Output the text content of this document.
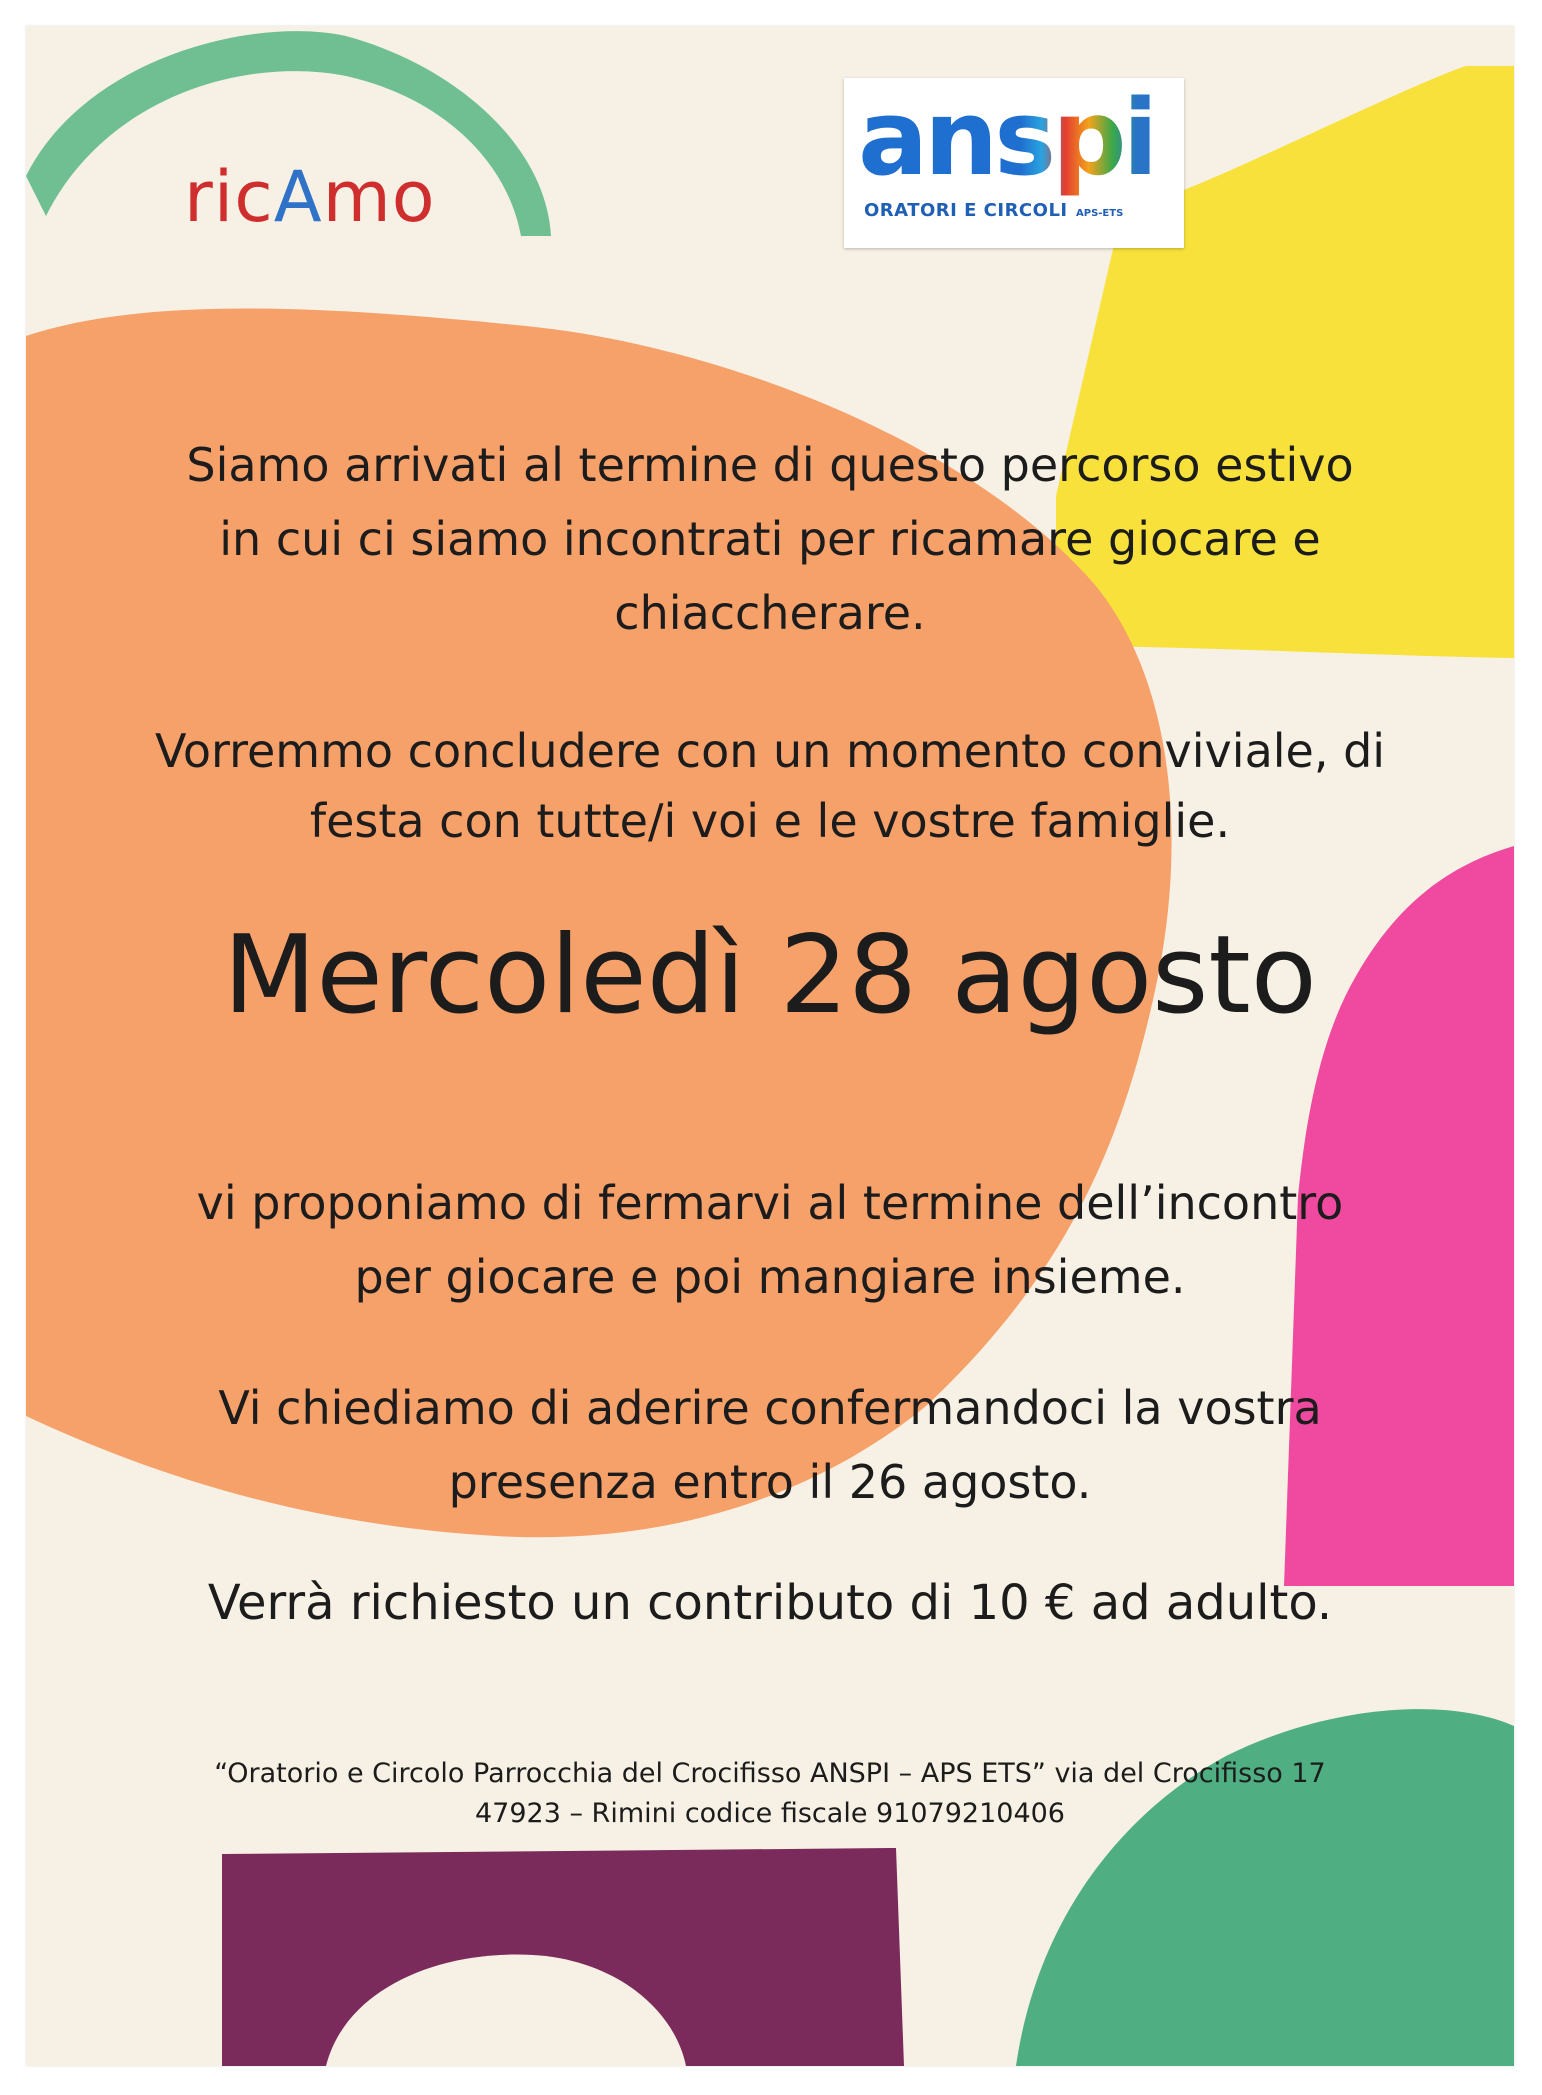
ricAmo	anspi
ORATORI E CIRCOLI APS-ETS
Siamo arrivati al termine di questo percorso estivo
in cui ci siamo incontrati per ricamare giocare e
chiaccherare.
Vorremmo concludere con un momento conviviale, di
festa con tutte/i voi e le vostre famiglie.
Mercoledì 28 agosto
vi proponiamo di fermarvi al termine dell’incontro
per giocare e poi mangiare insieme.
Vi chiediamo di aderire confermandoci la vostra
presenza entro il 26 agosto.
Verrà richiesto un contributo di 10 € ad adulto.
“Oratorio e Circolo Parrocchia del Crocifisso ANSPI – APS ETS” via del Crocifisso 17
47923 – Rimini codice fiscale 91079210406
